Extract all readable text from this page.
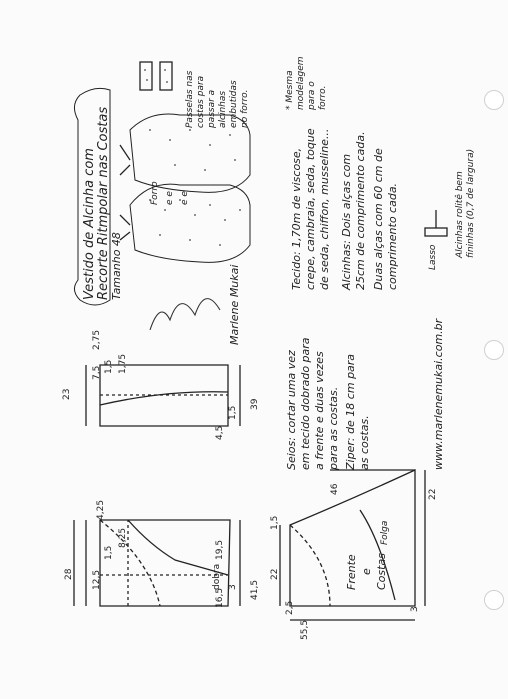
Vestido de Alcinha com Recorte Ritmpolar nas Costas Tamanho 48	Marlene Mukai
Tecido: 1,70m de viscose, crepe, cambraia, seda, toque de seda, chiffon, musseline... Alcinhas: Dois alças com 25cm de comprimento cada. Duas alças com 60 cm de comprimento cada.
* Mesma modelagem para o forro.
Passelas nas costas para passar a alcinhas embutidas no forro.
Alcinhas rolitê bem fininhas (0,7 de largura)
Lasso
Seios: cortar uma vez em tecido dobrado para a frente e duas vezes para as costas. Ziper: de 18 cm para as costas.	www.marlenemukai.com.br
Frente e Costas
Folga
28 12,5
1,5
8,25
4,25
19,5
16,5
3 41,5
dobra
23
7,5 1,5 1,75
2,75
1,5
39
4,5
22
46	22
2,5
55,5
3
1,5
Forro e e e e
